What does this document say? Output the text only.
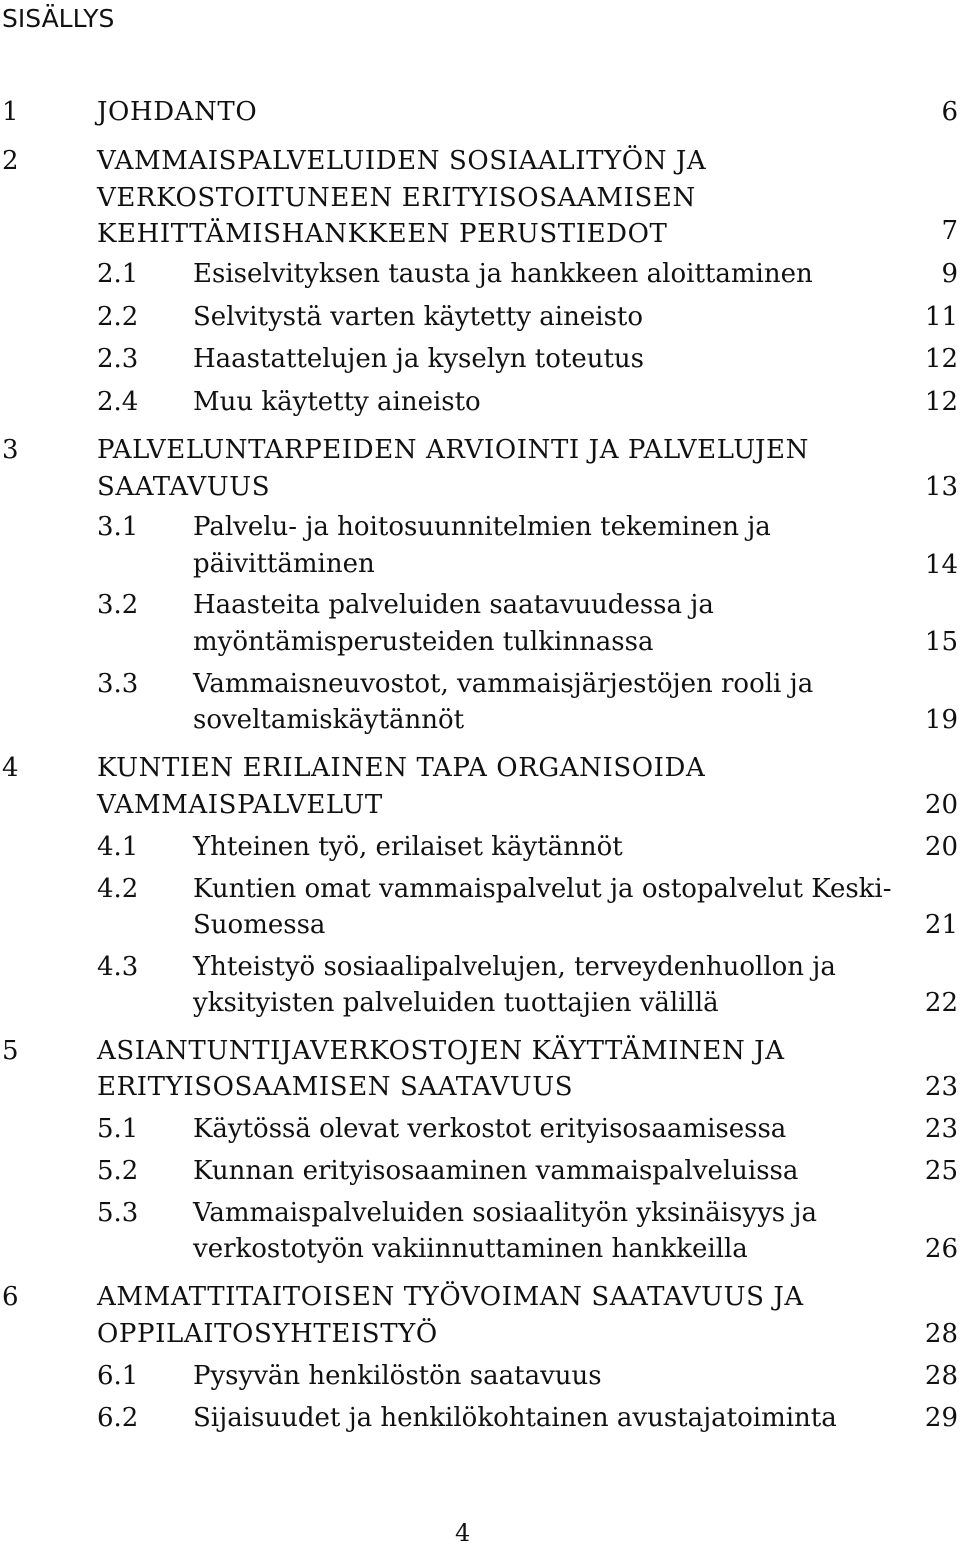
SISÄLLYS
1	JOHDANTO	6
2	VAMMAISPALVELUIDEN SOSIAALITYÖN JA
VERKOSTOITUNEEN ERITYISOSAAMISEN
KEHITTÄMISHANKKEEN PERUSTIEDOT	7
2.1 Esiselvityksen tausta ja hankkeen aloittaminen	9
2.2 Selvitystä varten käytetty aineisto	11
2.3 Haastattelujen ja kyselyn toteutus	12
2.4 Muu käytetty aineisto	12
3	PALVELUNTARPEIDEN ARVIOINTI JA PALVELUJEN
SAATAVUUS	13
3.1 Palvelu- ja hoitosuunnitelmien tekeminen ja
päivittäminen	14
3.2 Haasteita palveluiden saatavuudessa ja
myöntämisperusteiden tulkinnassa	15
3.3 Vammaisneuvostot, vammaisjärjestöjen rooli ja
soveltamiskäytännöt	19
4	KUNTIEN ERILAINEN TAPA ORGANISOIDA
VAMMAISPALVELUT	20
4.1 Yhteinen työ, erilaiset käytännöt	20
4.2 Kuntien omat vammaispalvelut ja ostopalvelut Keski-
Suomessa	21
4.3 Yhteistyö sosiaalipalvelujen, terveydenhuollon ja
yksityisten palveluiden tuottajien välillä	22
5	ASIANTUNTIJAVERKOSTOJEN KÄYTTÄMINEN JA
ERITYISOSAAMISEN SAATAVUUS	23
5.1 Käytössä olevat verkostot erityisosaamisessa	23
5.2 Kunnan erityisosaaminen vammaispalveluissa	25
5.3 Vammaispalveluiden sosiaalityön yksinäisyys ja
verkostotyön vakiinnuttaminen hankkeilla	26
6	AMMATTITAITOISEN TYÖVOIMAN SAATAVUUS JA
OPPILAITOSYHTEISTYÖ	28
6.1 Pysyvän henkilöstön saatavuus	28
6.2 Sijaisuudet ja henkilökohtainen avustajatoiminta	29
4
